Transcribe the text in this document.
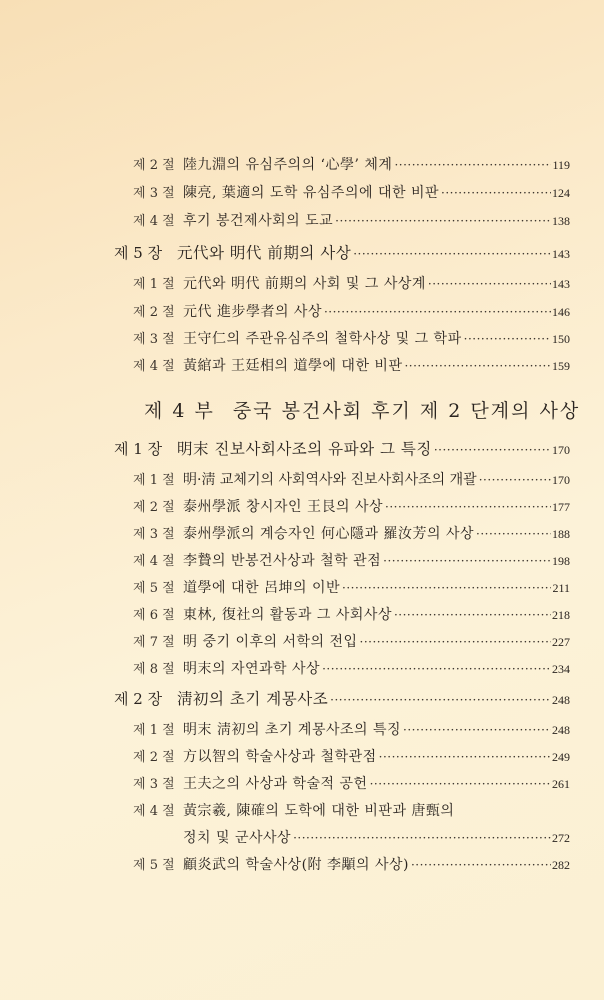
제 2 절 陸九淵의 유심주의의 ‘心學’ 체계 ·····	119
제 3 절 陳亮, 葉適의 도학 유심주의에 대한 비판 ·····	124
제 4 절 후기 봉건제사회의 도교 ·····	138
제 5 장 元代와 明代 前期의 사상 ·····	143
제 1 절 元代와 明代 前期의 사회 및 그 사상계 ·····	143
제 2 절 元代 進步學者의 사상 ·····	146
제 3 절 王守仁의 주관유심주의 철학사상 및 그 학파 ·····	150
제 4 절 黃綰과 王廷相의 道學에 대한 비판 ·····	159
제 4 부 중국 봉건사회 후기 제 2 단계의 사상
제 1 장 明末 진보사회사조의 유파와 그 특징 ·····	170
제 1 절 明·淸 교체기의 사회역사와 진보사회사조의 개괄 ·····	170
제 2 절 泰州學派 창시자인 王艮의 사상 ·····	177
제 3 절 泰州學派의 계승자인 何心隱과 羅汝芳의 사상 ·····	188
제 4 절 李贄의 반봉건사상과 철학 관점 ·····	198
제 5 절 道學에 대한 呂坤의 이반 ·····	211
제 6 절 東林, 復社의 활동과 그 사회사상 ·····	218
제 7 절 明 중기 이후의 서학의 전입 ·····	227
제 8 절 明末의 자연과학 사상 ·····	234
제 2 장 淸初의 초기 계몽사조 ·····	248
제 1 절 明末 淸初의 초기 계몽사조의 특징 ·····	248
제 2 절 方以智의 학술사상과 철학관점 ·····	249
제 3 절 王夫之의 사상과 학술적 공헌 ·····	261
제 4 절 黃宗羲, 陳確의 도학에 대한 비판과 唐甄의
정치 및 군사사상 ·····	272
제 5 절 顧炎武의 학술사상(附 李顒의 사상) ·····	282
